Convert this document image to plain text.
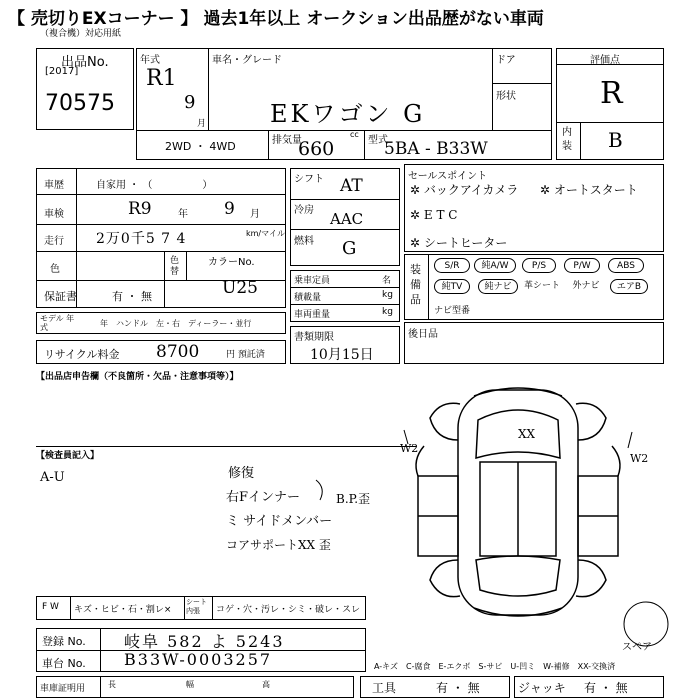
【 売切りEXコーナー 】 過去1年以上 オークション出品歴がない車両
（複合機）対応用紙
出品No.
[2017]
70575
年式
R1
9
月
車名・グレード
EKワゴン G
ドア
形状
2WD ・ 4WD	排気量
cc
660	型式
5BA - B33W
評価点
R
内装 B
車歴	自家用 ・ （　　　　　）
車検	R9	年 9 月
走行 2万0千5 7 4	km/マイル
色
色替
カラーNo.
U25
保証書	有 ・ 無
モデル 年式	年　ハンドル　左・右　ディーラー・並行
リサイクル料金 8700	円 預託済
シフト AT
冷房 AAC
燃料 G
乗車定員	名
積載量	kg
車両重量	kg
書類期限
10月15日
セールスポイント
✲ バックアイカメラ ✲ オートスタート
✲ E T C
✲ シートヒーター
装備品
S/R	純A/W	P/S	P/W	ABS
純TV	純ナビ	革シート	外ナビ	エアB
ナビ型番
後日品
【出品店申告欄（不良箇所・欠品・注意事項等）】
【検査員記入】
A-U	修復
右Fインナー	B.P.歪
ミ サイドメンバー
コアサポートXX 歪
XX
W2
W2
スペア
F W キズ・ヒビ・石・割レ×
シート 内張	コゲ・穴・汚レ・シミ・破レ・スレ
登録 No. 岐阜 582 よ 5243
車台 No. B33W-0003257	A-キズ　C-腐食　E-エクボ　S-サビ　U-凹ミ　W-補修　XX-交換済
車庫証明用	長	幅	高	工具	有 ・ 無	ジャッキ 有 ・ 無
